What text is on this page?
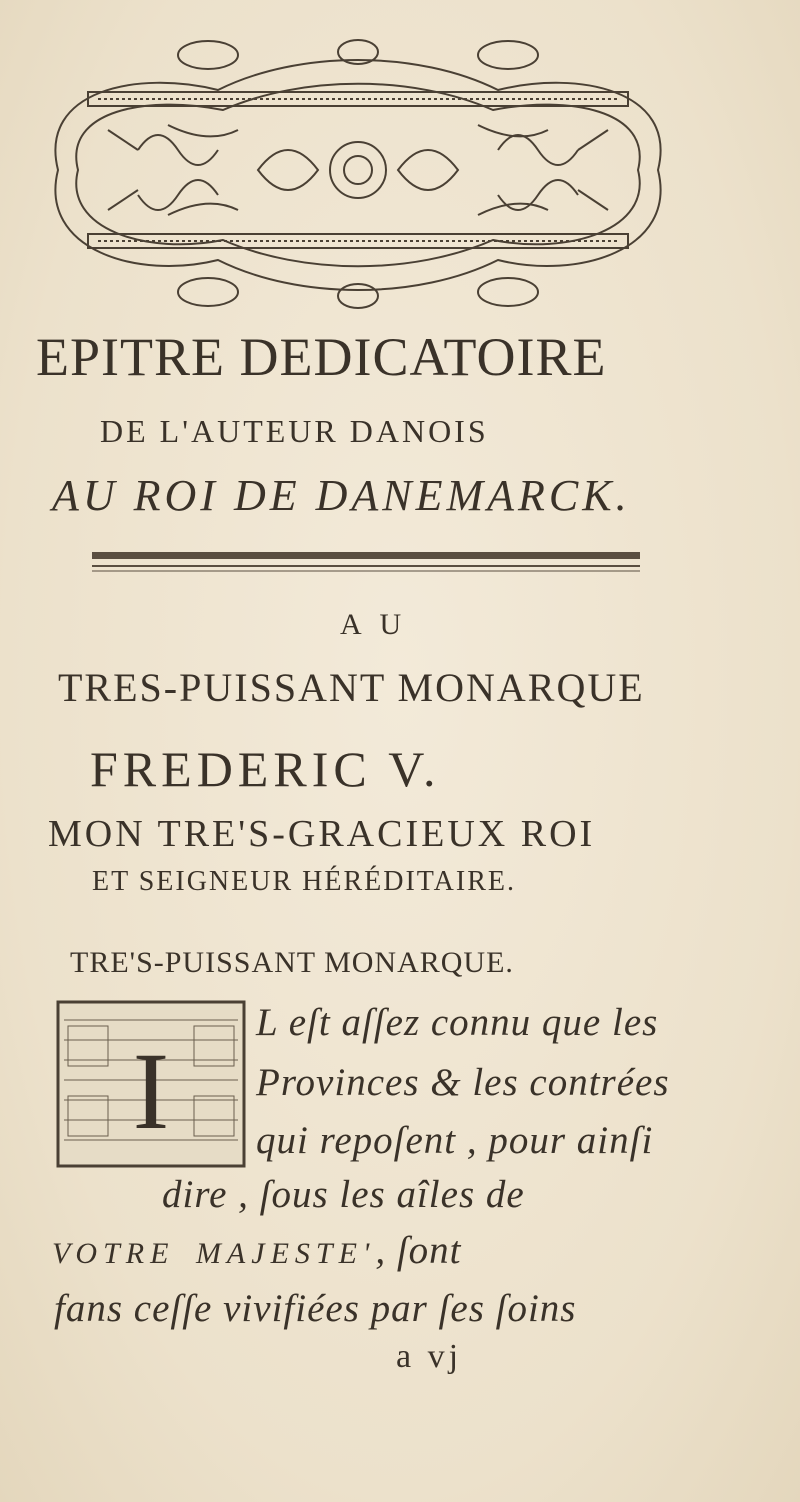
EPITRE DEDICATOIRE
DE L'AUTEUR DANOIS
AU ROI DE DANEMARCK.
A U
TRES-PUISSANT MONARQUE
FREDERIC V.
MON TRE'S-GRACIEUX ROI
ET SEIGNEUR HÉRÉDITAIRE.
TRE'S-PUISSANT MONARQUE.
I
L eſt aſſez connu que les
Provinces & les contrées
qui repoſent , pour ainſi
dire , ſous les aîles de
VOTRE MAJESTE', ſont
fans ceſſe vivifiées par ſes ſoins
a vj
